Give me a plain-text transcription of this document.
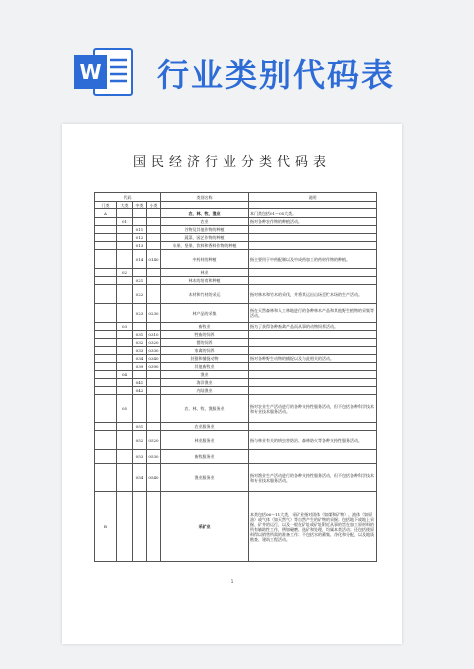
W 行业类别代码表
国民经济行业分类代码表
代码				类别名称	说明
门类	大类	中类	小类		
A				农、林、牧、渔业	本门类包括01～05大类。
	01			农业	指对各种农作物的种植活动。
		011		谷物及其他作物的种植	
		012		蔬菜、园艺作物的种植	
		013		水果、坚果、饮料和香料作物的种植	
		014	0140	中药材的种植	指主要用于中药配制以及中成药加工的药材作物的种植。
	02			林业	
		021		林木的培育和种植	
		022		木材和竹材的采运	指对林木和竹木的采伐，并将其运出山场至贮木场的生产活动。
		023	0230	林产品的采集	指在天然森林和人工林地进行的各种林木产品和其他野生植物的采集等活动。
	03			畜牧业	指为了获得各种畜禽产品而从事的动物饲养活动。
		031	0310	牲畜的饲养	
		032	0320	猪的饲养	
		033	0330	家禽的饲养	
		034	0340	狩猎和捕捉动物	指对各种野生动物的捕捉以及与此相关的活动。
		039	0390	其他畜牧业	
	04			渔业	
		041		海洋渔业	
		042		内陆渔业	
	05			农、林、牧、渔服务业	指对农业生产活动进行的各种支持性服务活动，但不包括各种科学技术和专业技术服务活动。
		051		农业服务业	
		052	0520	林业服务业	指与林业有关的病虫害防治、森林防火等各种支持性服务活动。
		053	0530	畜牧服务业	
		054	0540	渔业服务业	指对渔业生产活动进行的各种支持性服务活动，但不包括各种科学技术和专业技术服务活动。
B				采矿业	本类包括06～11大类，采矿业指对固体（如煤和矿物）、液体（如原油）或气体（如天然气）等自然产生的矿物的采掘；包括地下或地上采掘、矿井的运行，以及一般在矿址或矿址附近从事的旨在加工原材料的所有辅助性工作，例如碾磨、选矿和处理，均属本类活动；还包括使原料得以销售所需的准备工作；不包括水的蓄集、净化和分配，以及地质勘查、建筑工程活动。
1
